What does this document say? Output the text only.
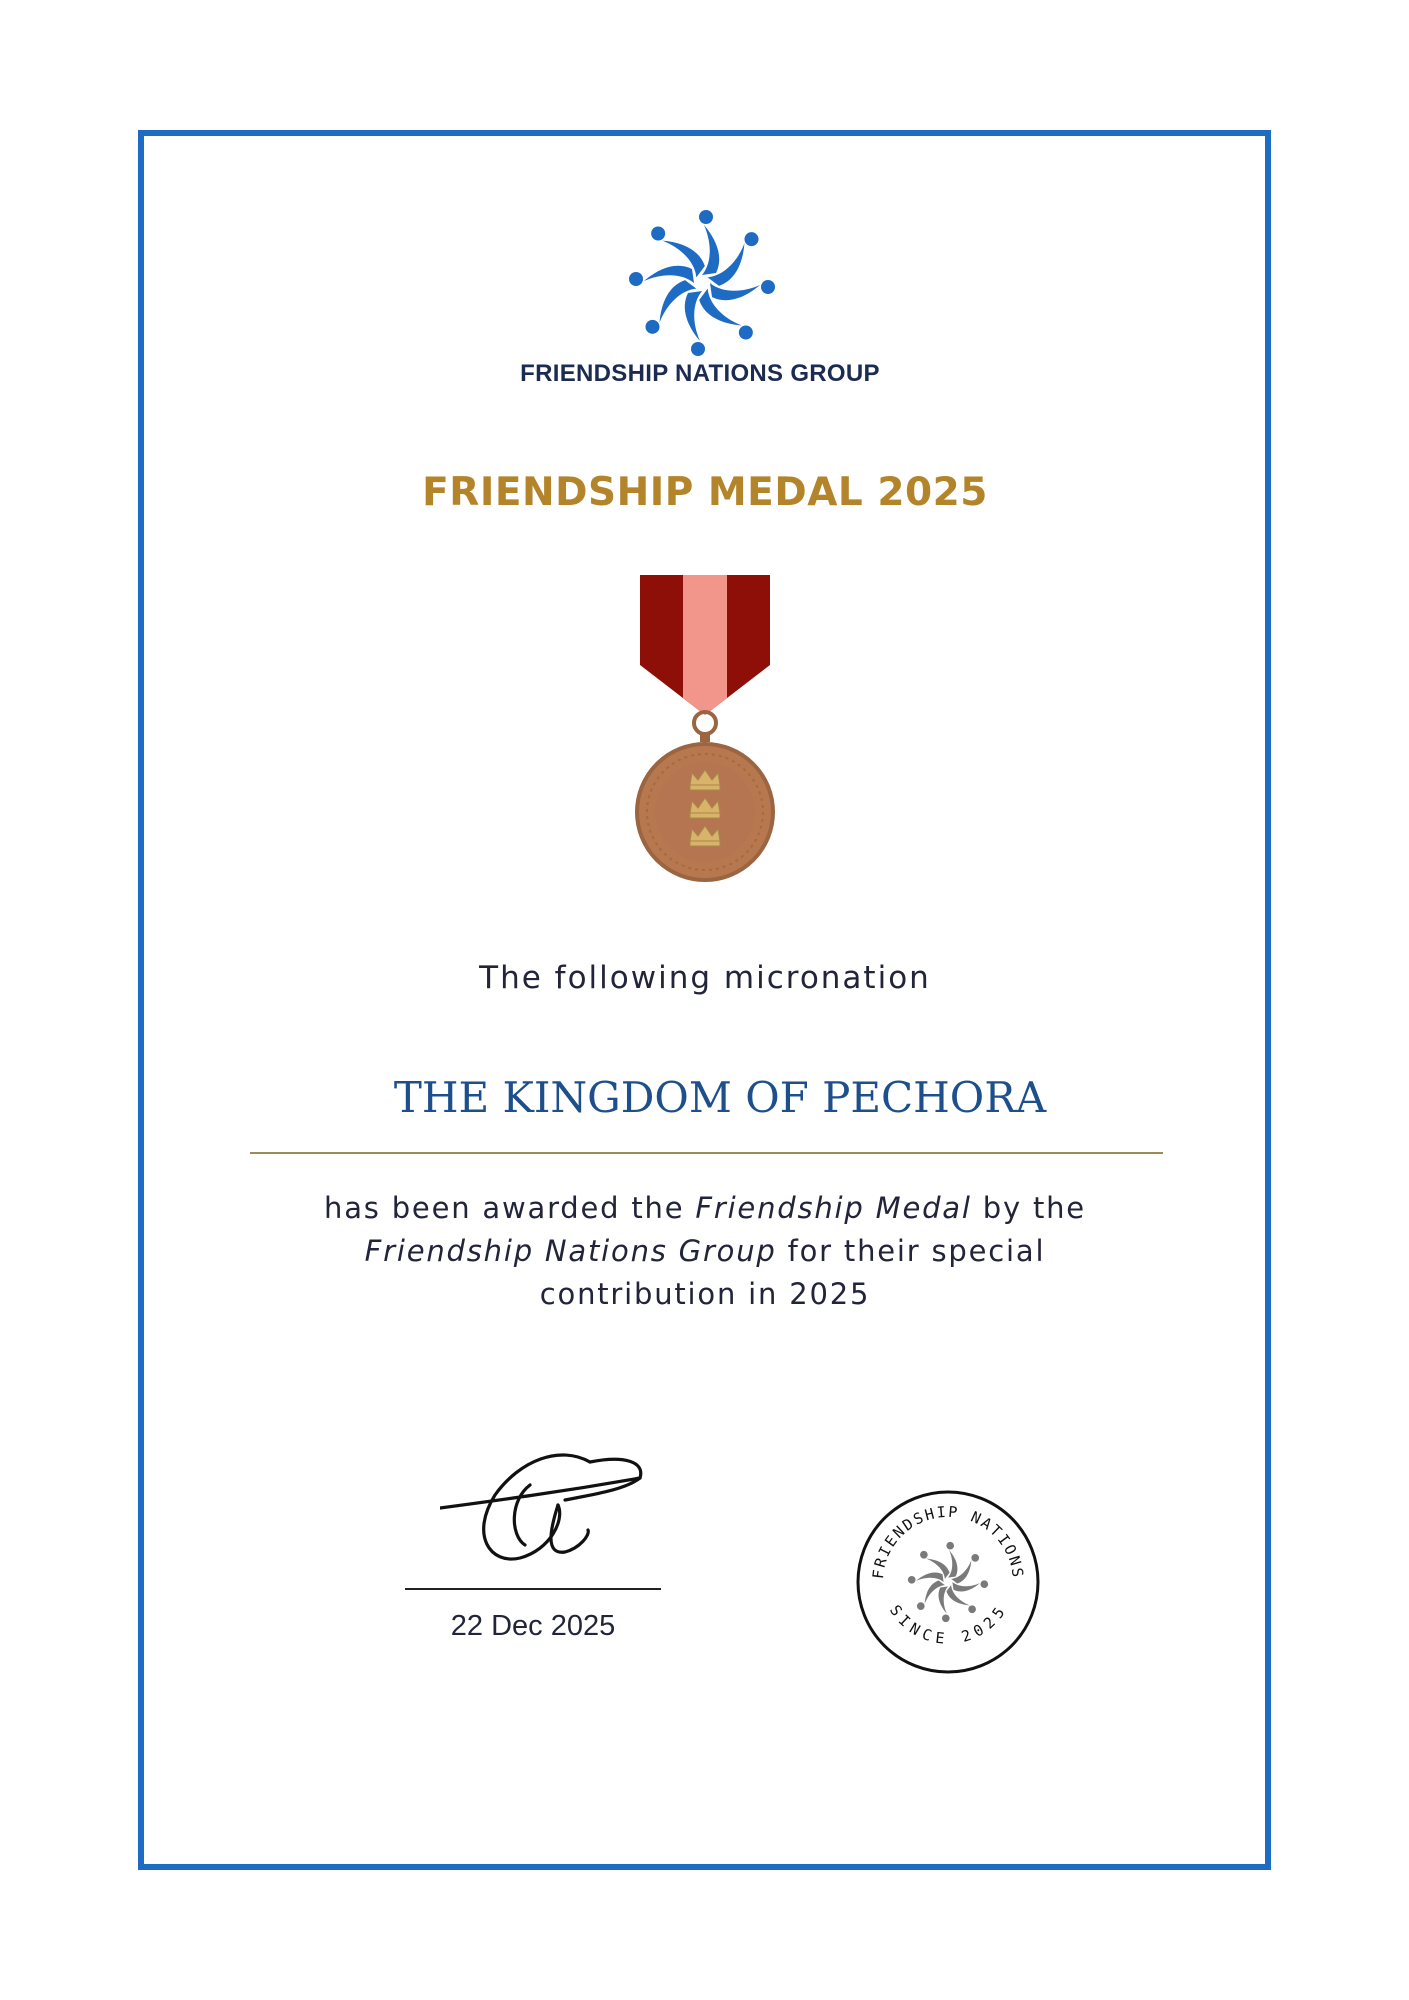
FRIENDSHIP NATIONS GROUP
FRIENDSHIP MEDAL 2025
The following micronation
THE KINGDOM OF PECHORA
has been awarded the Friendship Medal by the
Friendship Nations Group for their special
contribution in 2025
22 Dec 2025
FRIENDSHIP NATIONS
SINCE 2025
